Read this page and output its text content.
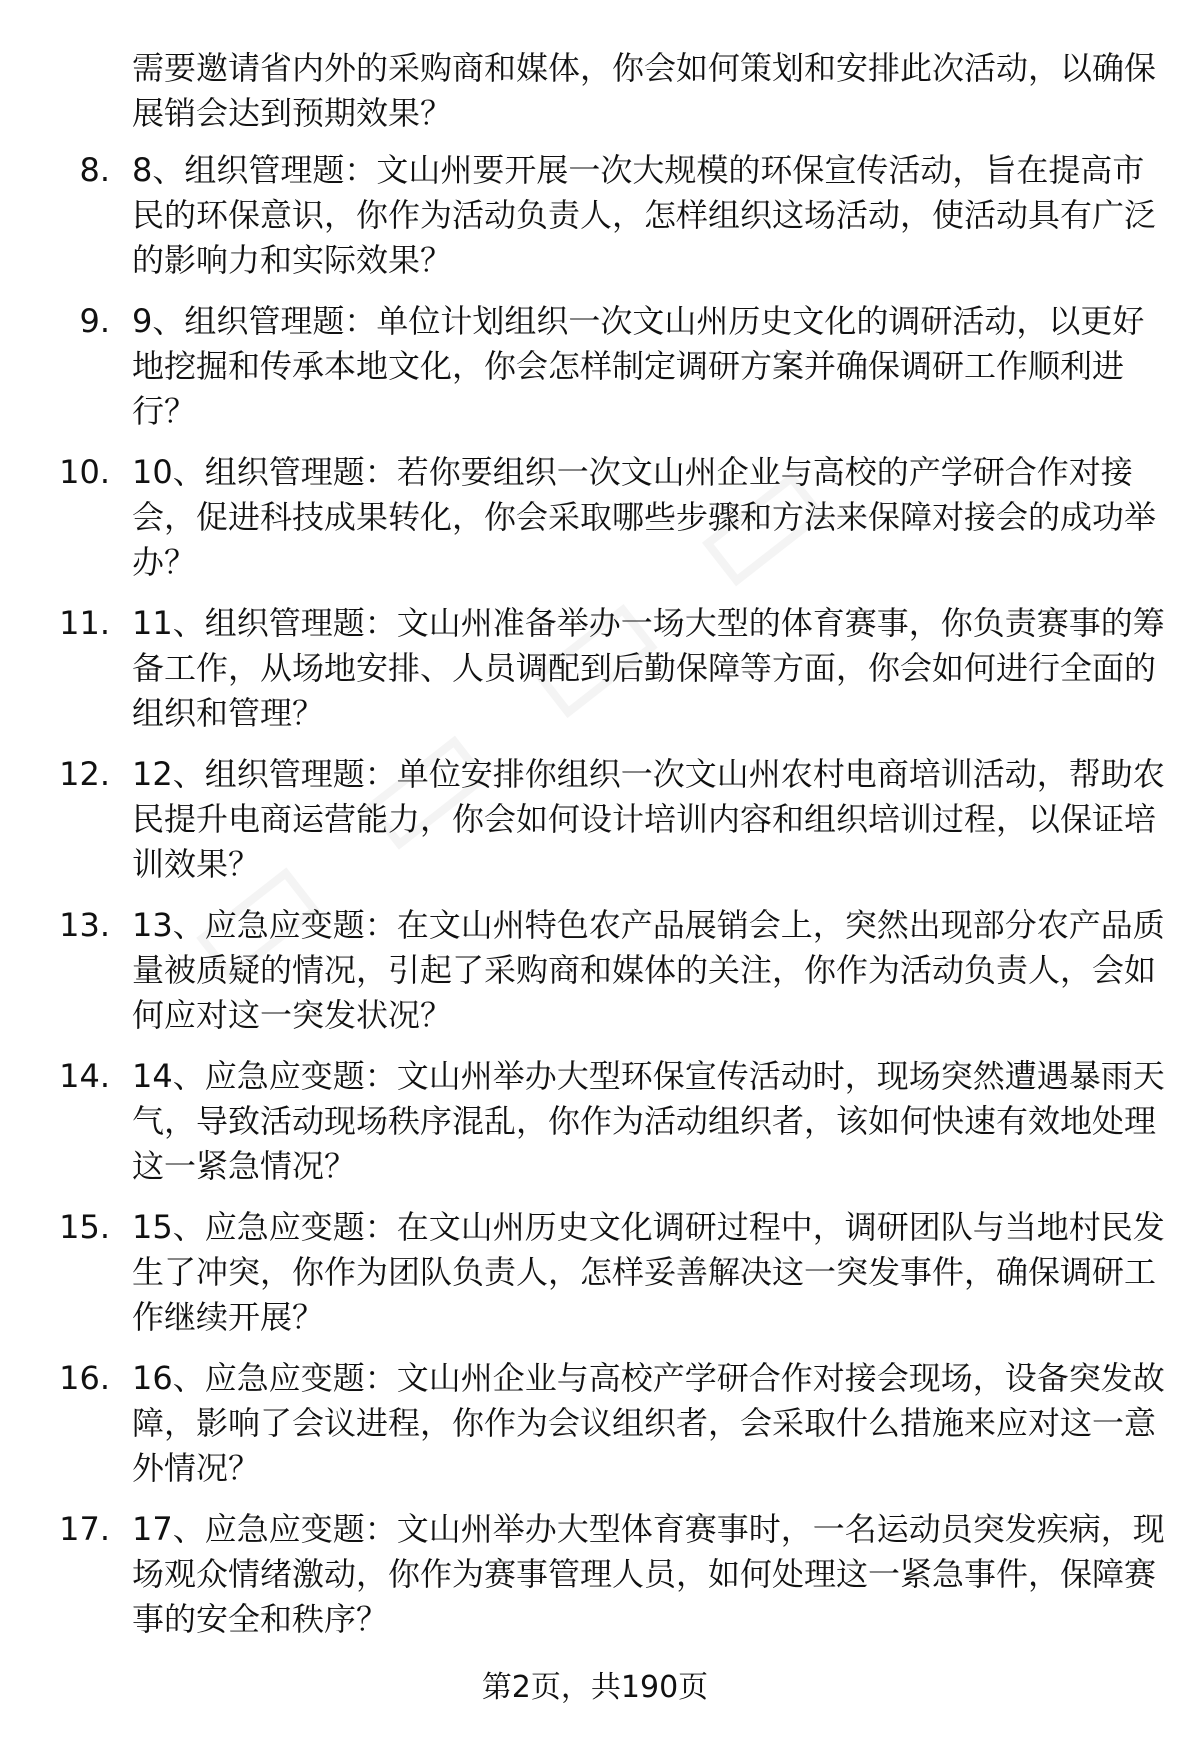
需要邀请省内外的采购商和媒体，你会如何策划和安排此次活动，以确保展销会达到预期效果？

8. 8、组织管理题：文山州要开展一次大规模的环保宣传活动，旨在提高市民的环保意识，你作为活动负责人，怎样组织这场活动，使活动具有广泛的影响力和实际效果？
9. 9、组织管理题：单位计划组织一次文山州历史文化的调研活动，以更好地挖掘和传承本地文化，你会怎样制定调研方案并确保调研工作顺利进行？
10. 10、组织管理题：若你要组织一次文山州企业与高校的产学研合作对接会，促进科技成果转化，你会采取哪些步骤和方法来保障对接会的成功举办？
11. 11、组织管理题：文山州准备举办一场大型的体育赛事，你负责赛事的筹备工作，从场地安排、人员调配到后勤保障等方面，你会如何进行全面的组织和管理？
12. 12、组织管理题：单位安排你组织一次文山州农村电商培训活动，帮助农民提升电商运营能力，你会如何设计培训内容和组织培训过程，以保证培训效果？
13. 13、应急应变题：在文山州特色农产品展销会上，突然出现部分农产品质量被质疑的情况，引起了采购商和媒体的关注，你作为活动负责人，会如何应对这一突发状况？
14. 14、应急应变题：文山州举办大型环保宣传活动时，现场突然遭遇暴雨天气，导致活动现场秩序混乱，你作为活动组织者，该如何快速有效地处理这一紧急情况？
15. 15、应急应变题：在文山州历史文化调研过程中，调研团队与当地村民发生了冲突，你作为团队负责人，怎样妥善解决这一突发事件，确保调研工作继续开展？
16. 16、应急应变题：文山州企业与高校产学研合作对接会现场，设备突发故障，影响了会议进程，你作为会议组织者，会采取什么措施来应对这一意外情况？
17. 17、应急应变题：文山州举办大型体育赛事时，一名运动员突发疾病，现场观众情绪激动，你作为赛事管理人员，如何处理这一紧急事件，保障赛事的安全和秩序？
第2页，共190页
